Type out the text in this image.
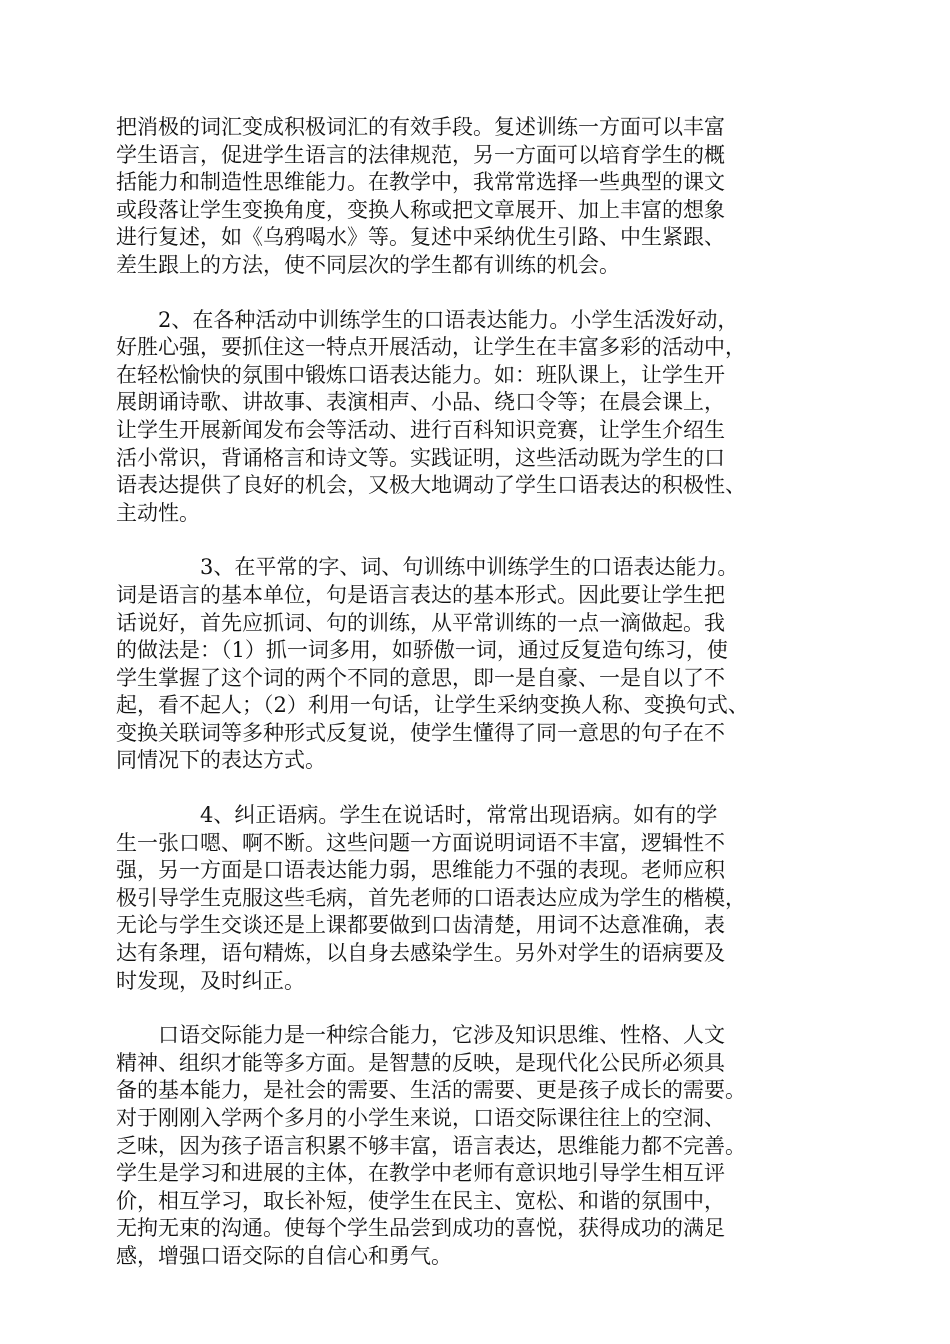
把消极的词汇变成积极词汇的有效手段。复述训练一方面可以丰富
学生语言，促进学生语言的法律规范，另一方面可以培育学生的概
括能力和制造性思维能力。在教学中，我常常选择一些典型的课文
或段落让学生变换角度，变换人称或把文章展开、加上丰富的想象
进行复述，如《乌鸦喝水》等。复述中采纳优生引路、中生紧跟、
差生跟上的方法，使不同层次的学生都有训练的机会。

　　2、在各种活动中训练学生的口语表达能力。小学生活泼好动，
好胜心强，要抓住这一特点开展活动，让学生在丰富多彩的活动中，
在轻松愉快的氛围中锻炼口语表达能力。如：班队课上，让学生开
展朗诵诗歌、讲故事、表演相声、小品、绕口令等；在晨会课上，
让学生开展新闻发布会等活动、进行百科知识竞赛，让学生介绍生
活小常识，背诵格言和诗文等。实践证明，这些活动既为学生的口
语表达提供了良好的机会，又极大地调动了学生口语表达的积极性、
主动性。

　　　　3、在平常的字、词、句训练中训练学生的口语表达能力。
词是语言的基本单位，句是语言表达的基本形式。因此要让学生把
话说好，首先应抓词、句的训练，从平常训练的一点一滴做起。我
的做法是：（1）抓一词多用，如骄傲一词，通过反复造句练习，使
学生掌握了这个词的两个不同的意思，即一是自豪、一是自以了不
起，看不起人；（2）利用一句话，让学生采纳变换人称、变换句式、
变换关联词等多种形式反复说，使学生懂得了同一意思的句子在不
同情况下的表达方式。

　　　　4、纠正语病。学生在说话时，常常出现语病。如有的学
生一张口嗯、啊不断。这些问题一方面说明词语不丰富，逻辑性不
强，另一方面是口语表达能力弱，思维能力不强的表现。老师应积
极引导学生克服这些毛病，首先老师的口语表达应成为学生的楷模，
无论与学生交谈还是上课都要做到口齿清楚，用词不达意准确，表
达有条理，语句精炼，以自身去感染学生。另外对学生的语病要及
时发现，及时纠正。

　　口语交际能力是一种综合能力，它涉及知识思维、性格、人文
精神、组织才能等多方面。是智慧的反映，是现代化公民所必须具
备的基本能力，是社会的需要、生活的需要、更是孩子成长的需要。
对于刚刚入学两个多月的小学生来说，口语交际课往往上的空洞、
乏味，因为孩子语言积累不够丰富，语言表达，思维能力都不完善。
学生是学习和进展的主体，在教学中老师有意识地引导学生相互评
价，相互学习，取长补短，使学生在民主、宽松、和谐的氛围中，
无拘无束的沟通。使每个学生品尝到成功的喜悦，获得成功的满足
感，增强口语交际的自信心和勇气。
